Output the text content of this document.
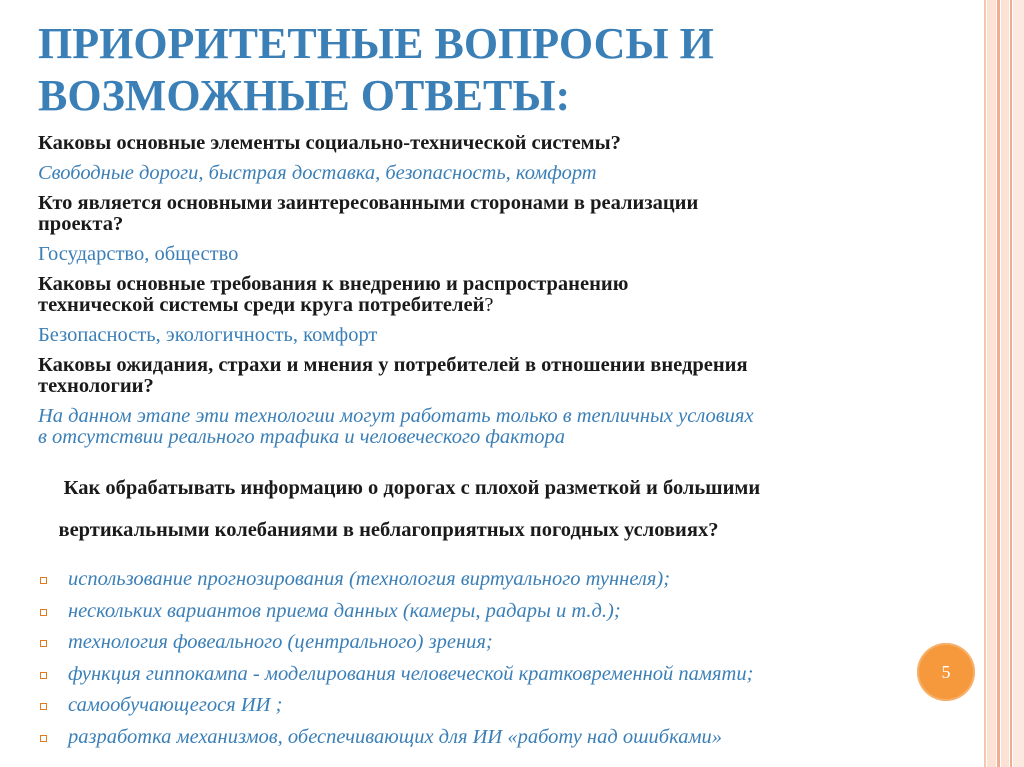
ПРИОРИТЕТНЫЕ ВОПРОСЫ И
ВОЗМОЖНЫЕ ОТВЕТЫ:

Каковы основные элементы социально-технической системы?

Свободные дороги, быстрая доставка, безопасность, комфорт

Кто является основными заинтересованными сторонами в реализации
проекта?

Государство, общество

Каковы основные требования к внедрению и распространению
технической системы среди круга потребителей?

Безопасность, экологичность, комфорт

Каковы ожидания, страхи и мнения у потребителей в отношении внедрения
технологии?

На данном этапе эти технологии могут работать только в тепличных условиях
в отсутствии реального трафика и человеческого фактора

Как обрабатывать информацию о дорогах с плохой разметкой и большими

вертикальными колебаниями в неблагоприятных погодных условиях?

использование прогнозирования (технология виртуального туннеля);
нескольких вариантов приема данных (камеры, радары и т.д.);
технология фовеального (центрального) зрения;
функция гиппокампа - моделирования человеческой кратковременной памяти;
самообучающегося ИИ ;
разработка механизмов, обеспечивающих для ИИ «работу над ошибками»
5
